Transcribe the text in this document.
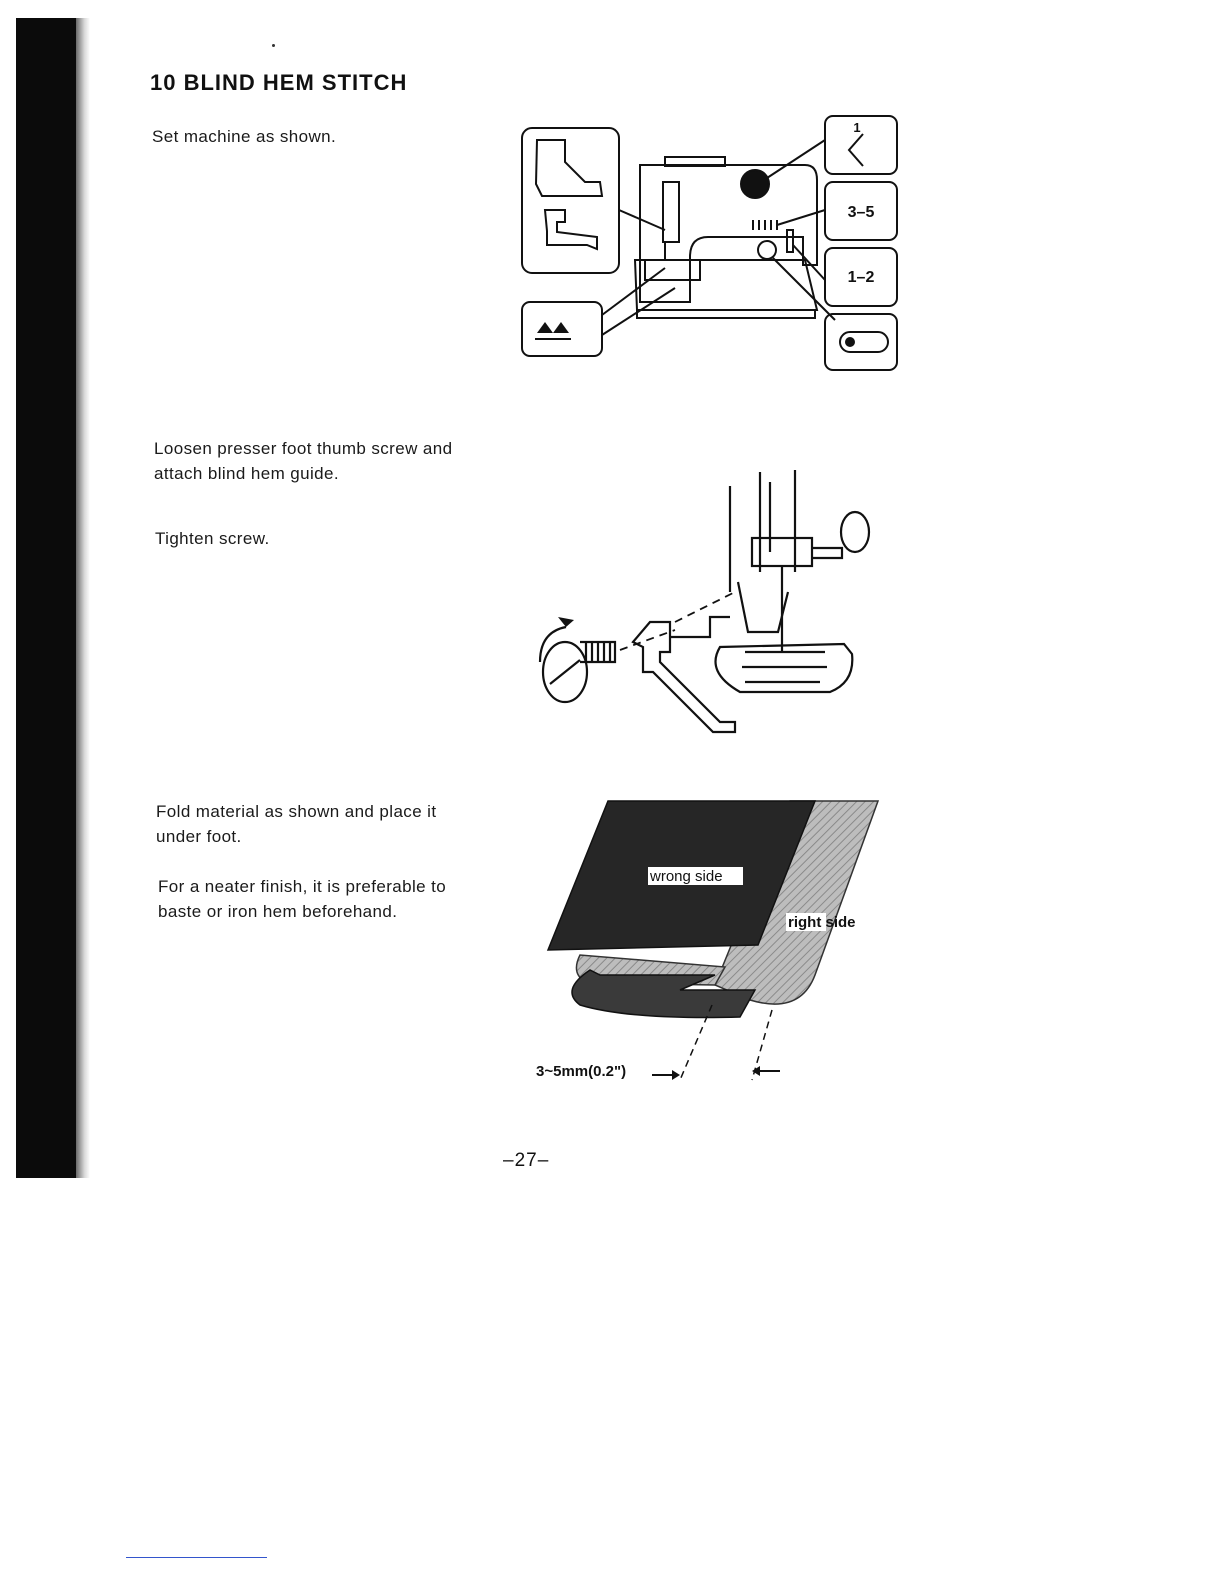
10 BLIND HEM STITCH

Set machine as shown.

Loosen presser foot thumb screw and attach blind hem guide.

Tighten screw.

Fold material as shown and place it under foot.

For a neater finish, it is preferable to baste or iron hem beforehand.

1
3–5
1–2
wrong side
right side
3~5mm(0.2")
–27–
